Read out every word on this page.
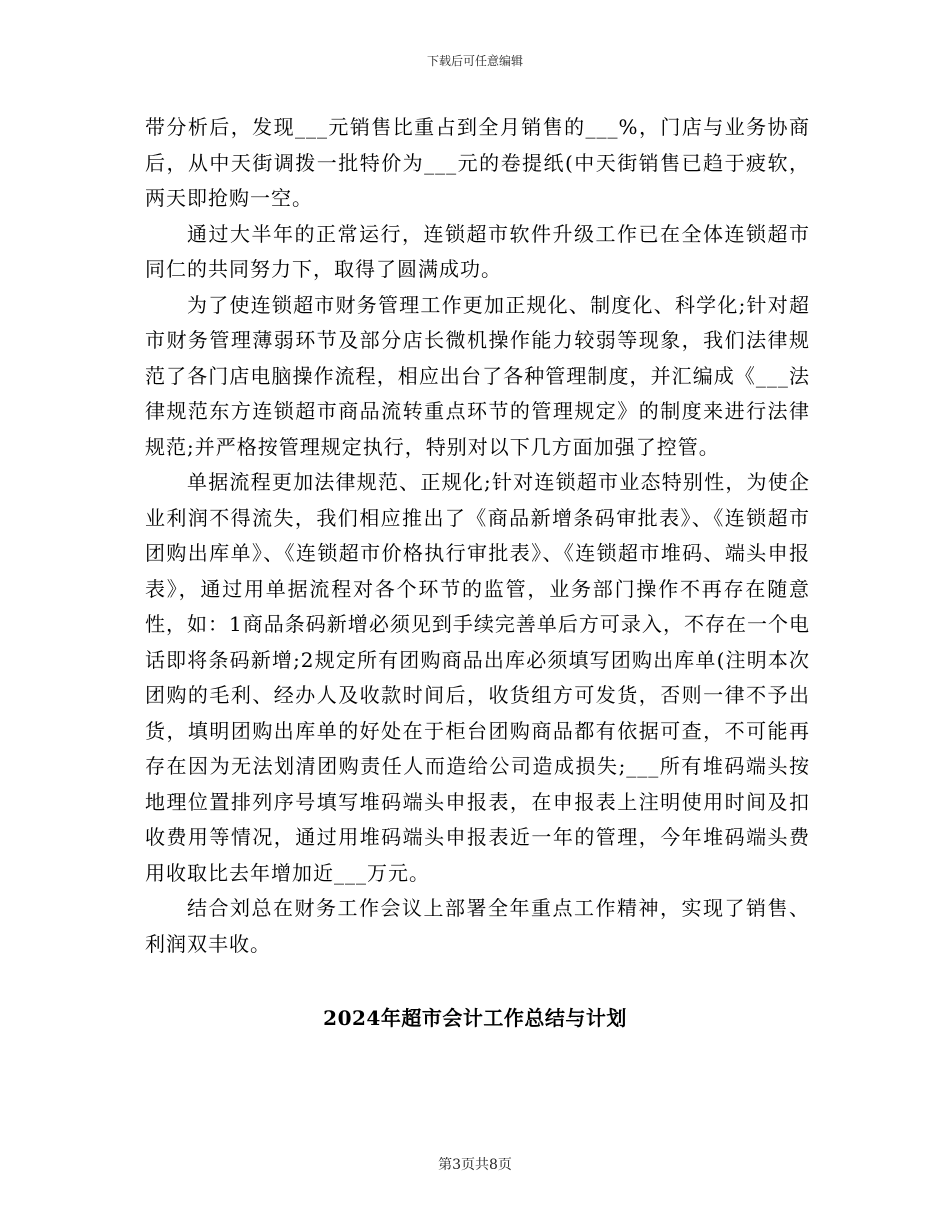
下载后可任意编辑

带分析后，发现___元销售比重占到全月销售的___%，门店与业务协商后，从中天街调拨一批特价为___元的卷提纸(中天街销售已趋于疲软，两天即抢购一空。

通过大半年的正常运行，连锁超市软件升级工作已在全体连锁超市同仁的共同努力下，取得了圆满成功。

为了使连锁超市财务管理工作更加正规化、制度化、科学化;针对超市财务管理薄弱环节及部分店长微机操作能力较弱等现象，我们法律规范了各门店电脑操作流程，相应出台了各种管理制度，并汇编成《___法律规范东方连锁超市商品流转重点环节的管理规定》的制度来进行法律规范;并严格按管理规定执行，特别对以下几方面加强了控管。

单据流程更加法律规范、正规化;针对连锁超市业态特别性，为使企业利润不得流失，我们相应推出了《商品新增条码审批表》、《连锁超市团购出库单》、《连锁超市价格执行审批表》、《连锁超市堆码、端头申报表》，通过用单据流程对各个环节的监管，业务部门操作不再存在随意性，如：1商品条码新增必须见到手续完善单后方可录入，不存在一个电话即将条码新增;2规定所有团购商品出库必须填写团购出库单(注明本次团购的毛利、经办人及收款时间后，收货组方可发货，否则一律不予出货，填明团购出库单的好处在于柜台团购商品都有依据可查，不可能再存在因为无法划清团购责任人而造给公司造成损失;___所有堆码端头按地理位置排列序号填写堆码端头申报表，在申报表上注明使用时间及扣收费用等情况，通过用堆码端头申报表近一年的管理，今年堆码端头费用收取比去年增加近___万元。

结合刘总在财务工作会议上部署全年重点工作精神，实现了销售、利润双丰收。

2024年超市会计工作总结与计划
第3页共8页
